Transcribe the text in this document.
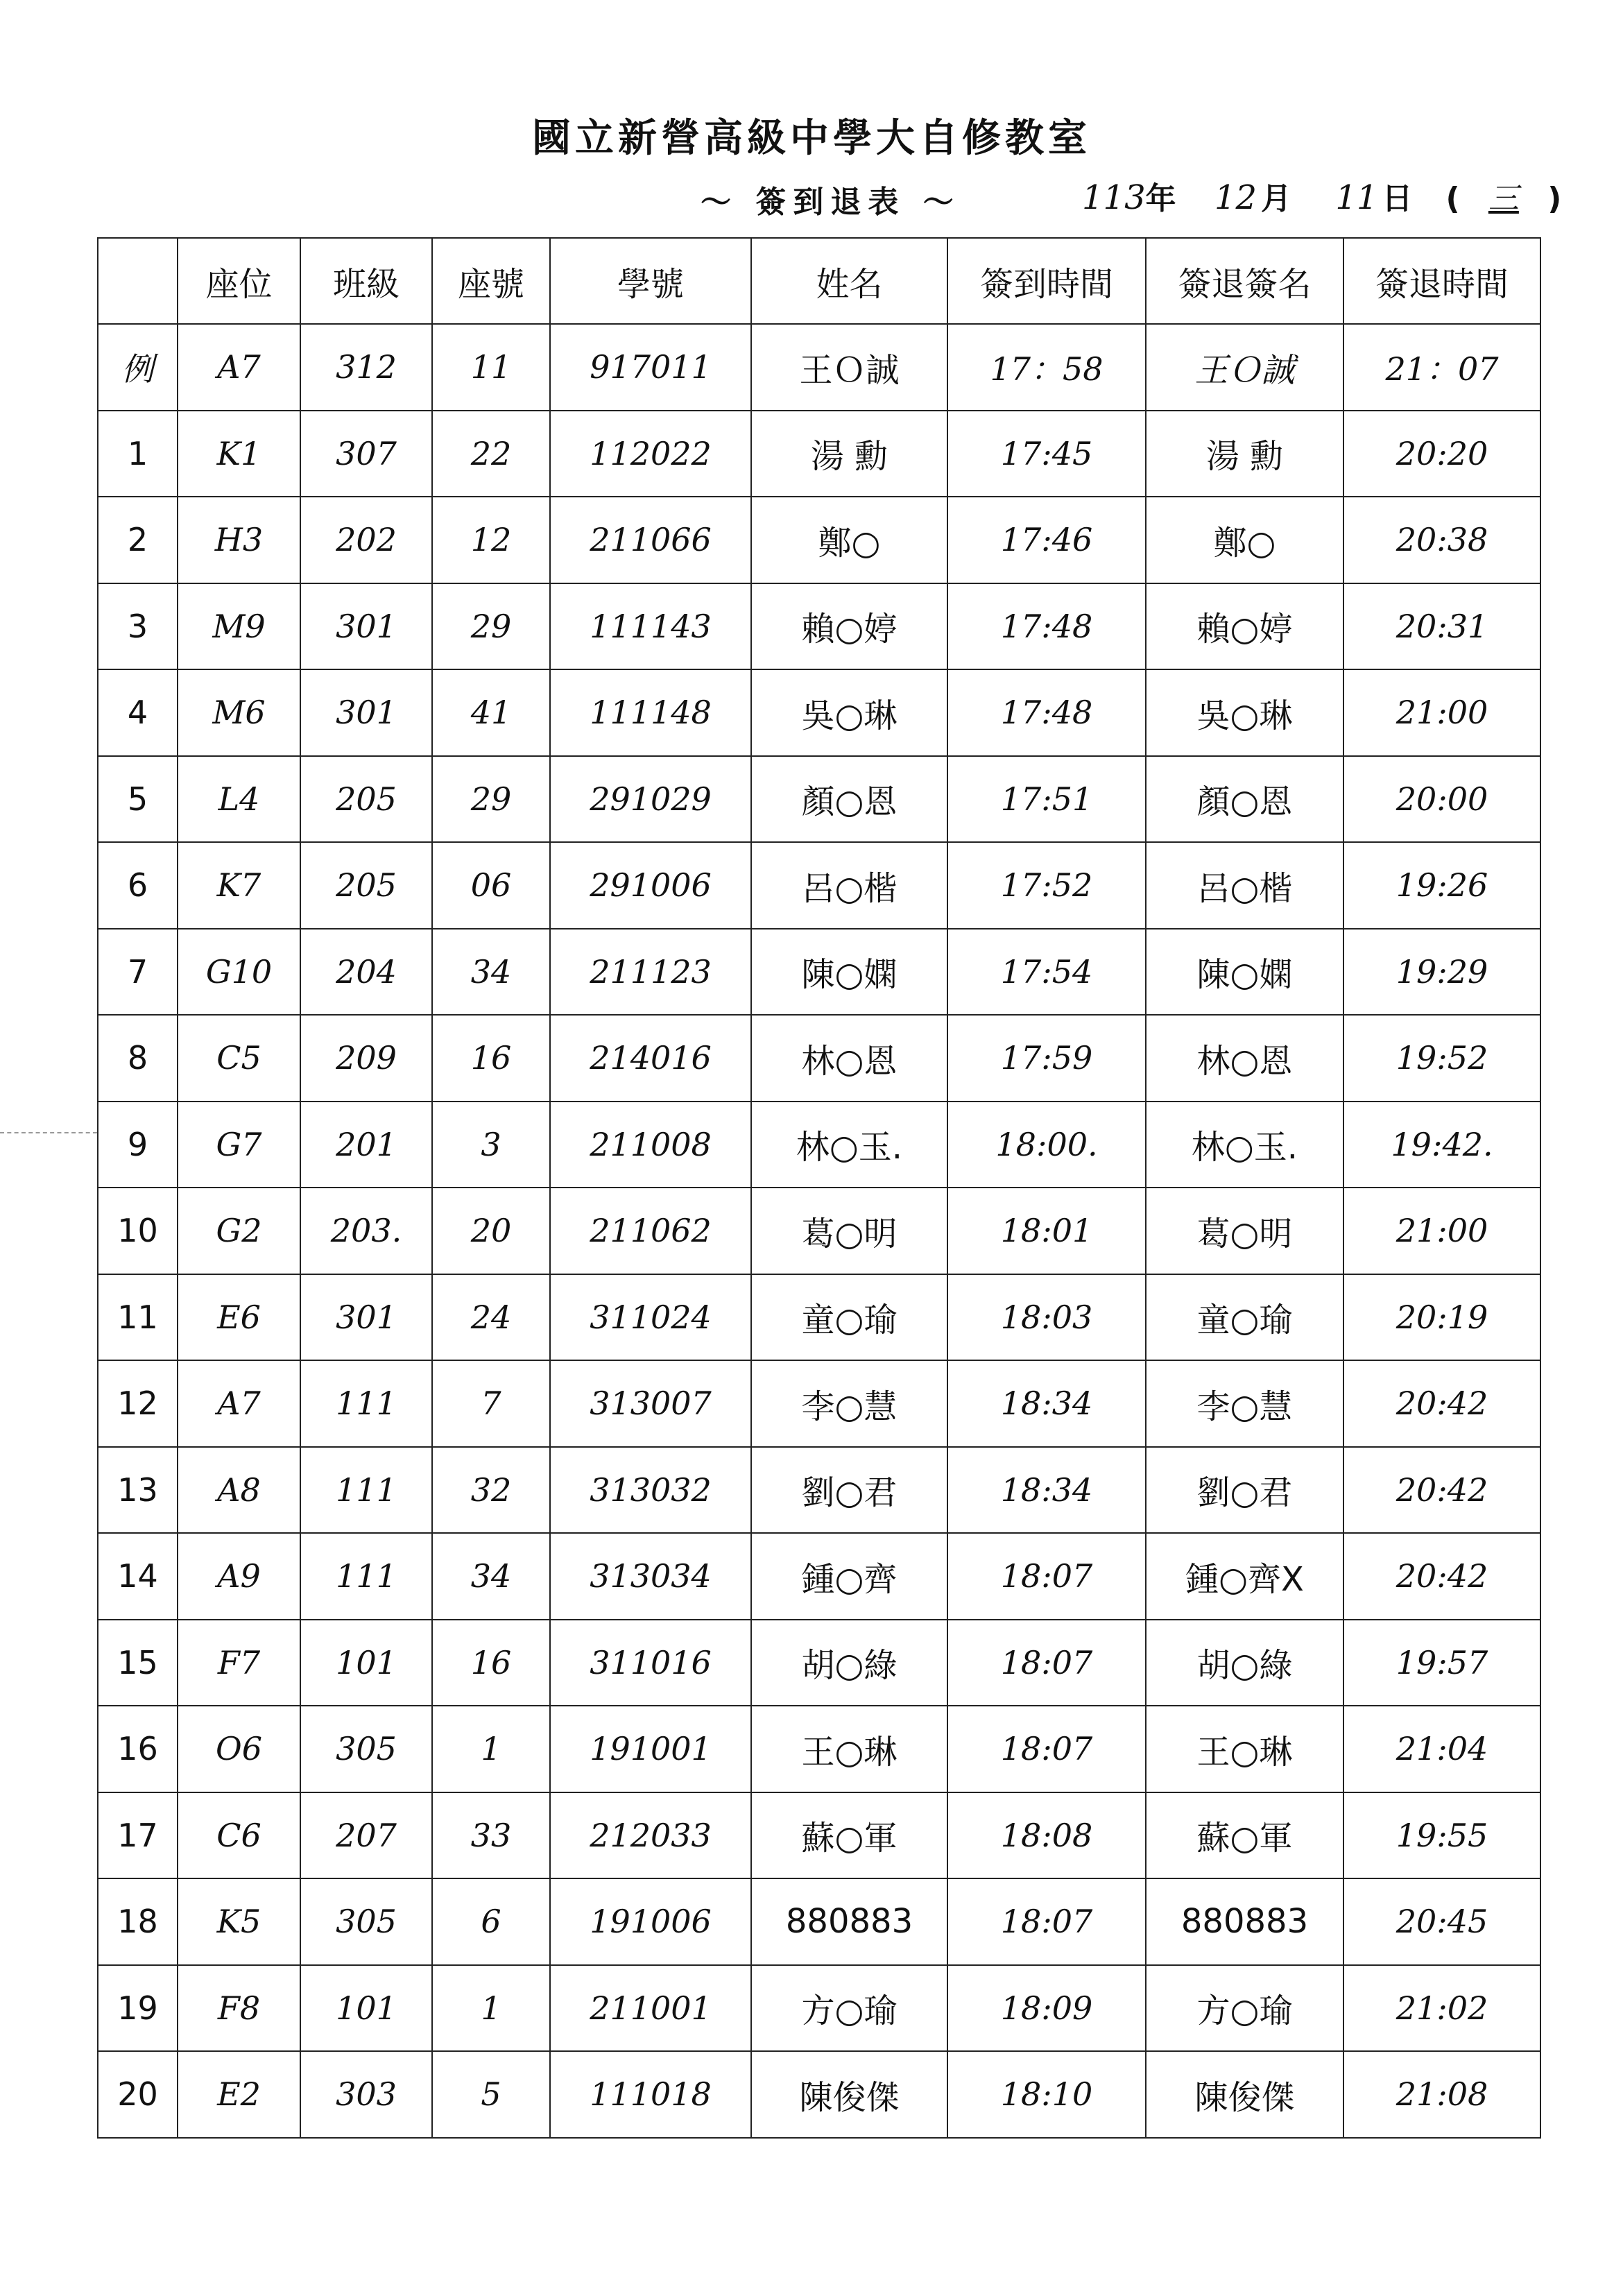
國立新營高級中學大自修教室
～ 簽到退表 ～	113年 12 月 11 日 ( 三 )
	座位	班級	座號	學號	姓名	簽到時間	簽退簽名	簽退時間
例	A7	312	11	917011	王Ｏ誠	17：58	王Ｏ誠	21：07
1	K1	307	22	112022	湯 勳	17:45	湯 勳	20:20
2	H3	202	12	211066	鄭○	17:46	鄭○	20:38
3	M9	301	29	111143	賴○婷	17:48	賴○婷	20:31
4	M6	301	41	111148	吳○琳	17:48	吳○琳	21:00
5	L4	205	29	291029	顏○恩	17:51	顏○恩	20:00
6	K7	205	06	291006	呂○楷	17:52	呂○楷	19:26
7	G10	204	34	211123	陳○嫻	17:54	陳○嫻	19:29
8	C5	209	16	214016	林○恩	17:59	林○恩	19:52
9	G7	201	3	211008	林○玉.	18:00.	林○玉.	19:42.
10	G2	203.	20	211062	葛○明	18:01	葛○明	21:00
11	E6	301	24	311024	童○瑜	18:03	童○瑜	20:19
12	A7	111	7	313007	李○慧	18:34	李○慧	20:42
13	A8	111	32	313032	劉○君	18:34	劉○君	20:42
14	A9	111	34	313034	鍾○齊	18:07	鍾○齊X	20:42
15	F7	101	16	311016	胡○綠	18:07	胡○綠	19:57
16	O6	305	1	191001	王○琳	18:07	王○琳	21:04
17	C6	207	33	212033	蘇○軍	18:08	蘇○軍	19:55
18	K5	305	6	191006	880883	18:07	880883	20:45
19	F8	101	1	211001	方○瑜	18:09	方○瑜	21:02
20	E2	303	5	111018	陳俊傑	18:10	陳俊傑	21:08
